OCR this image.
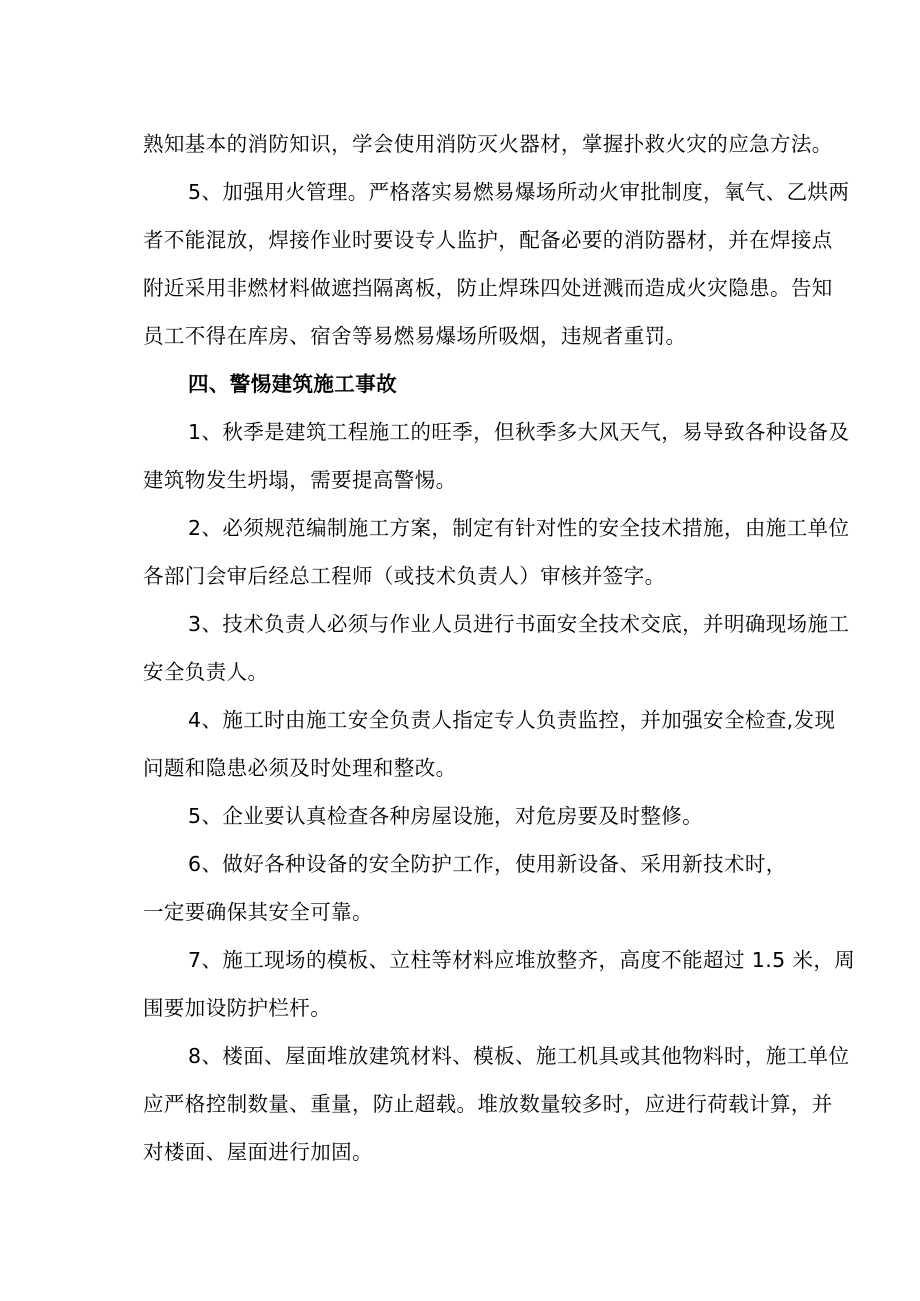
熟知基本的消防知识，学会使用消防灭火器材，掌握扑救火灾的应急方法。
5、加强用火管理。严格落实易燃易爆场所动火审批制度，氧气、乙烘两
者不能混放，焊接作业时要设专人监护，配备必要的消防器材，并在焊接点
附近采用非燃材料做遮挡隔离板，防止焊珠四处迸溅而造成火灾隐患。告知
员工不得在库房、宿舍等易燃易爆场所吸烟，违规者重罚。
四、警惕建筑施工事故
1、秋季是建筑工程施工的旺季，但秋季多大风天气，易导致各种设备及
建筑物发生坍塌，需要提高警惕。
2、必须规范编制施工方案，制定有针对性的安全技术措施，由施工单位
各部门会审后经总工程师（或技术负责人）审核并签字。
3、技术负责人必须与作业人员进行书面安全技术交底，并明确现场施工
安全负责人。
4、施工时由施工安全负责人指定专人负责监控，并加强安全检查,发现
问题和隐患必须及时处理和整改。
5、企业要认真检查各种房屋设施，对危房要及时整修。
6、做好各种设备的安全防护工作，使用新设备、采用新技术时，
一定要确保其安全可靠。
7、施工现场的模板、立柱等材料应堆放整齐，高度不能超过 1.5 米，周
围要加设防护栏杆。
8、楼面、屋面堆放建筑材料、模板、施工机具或其他物料时，施工单位
应严格控制数量、重量，防止超载。堆放数量较多时，应进行荷载计算，并
对楼面、屋面进行加固。
